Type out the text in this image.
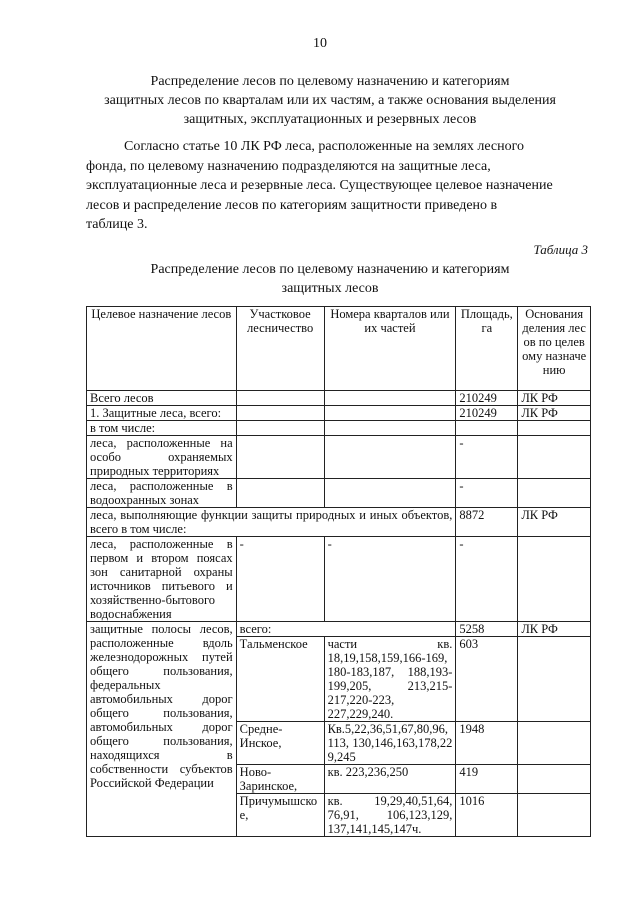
10
Распределение лесов по целевому назначению и категориям
защитных лесов по кварталам или их частям, а также основания выделения
защитных, эксплуатационных и резервных лесов
Согласно статье 10 ЛК РФ леса, расположенные на землях лесного
фонда, по целевому назначению подразделяются на защитные леса,
эксплуатационные леса и резервные леса. Существующее целевое назначение
лесов и распределение лесов по категориям защитности приведено в
таблице 3.
Таблица 3
Распределение лесов по целевому назначению и категориям
защитных лесов
Целевое назначение лесов	Участковое лесничество	Номера кварталов или их частей	Площадь, га	Основания деления лесов по целевому назначению
Всего лесов			210249	ЛК РФ
1. Защитные леса, всего:			210249	ЛК РФ
в том числе:				
леса, расположенные на особо охраняемых природных территориях			-	
леса, расположенные в водоохранных зонах			-	
леса, выполняющие функции защиты природных и иных объектов, всего в том числе:			8872	ЛК РФ
леса, расположенные в первом и втором поясах зон санитарной охраны источников питьевого и хозяйственно-бытового водоснабжения	-	-	-	
защитные полосы лесов, расположенные вдоль железнодорожных путей общего пользования, федеральных автомобильных дорог общего пользования, автомобильных дорог общего пользования, находящихся в собственности субъектов Российской Федерации	всего:		5258	ЛК РФ
	Тальменское	части кв. 18,19,158,159,166-169, 180-183,187, 188,193-199,205, 213,215-217,220-223, 227,229,240.	603	
	Средне-Инское,	Кв.5,22,36,51,67,80,96, 113, 130,146,163,178,229,245	1948	
	Ново-Заринское,	кв. 223,236,250	419	
	Причумышское,	кв. 19,29,40,51,64, 76,91, 106,123,129, 137,141,145,147ч.	1016	
